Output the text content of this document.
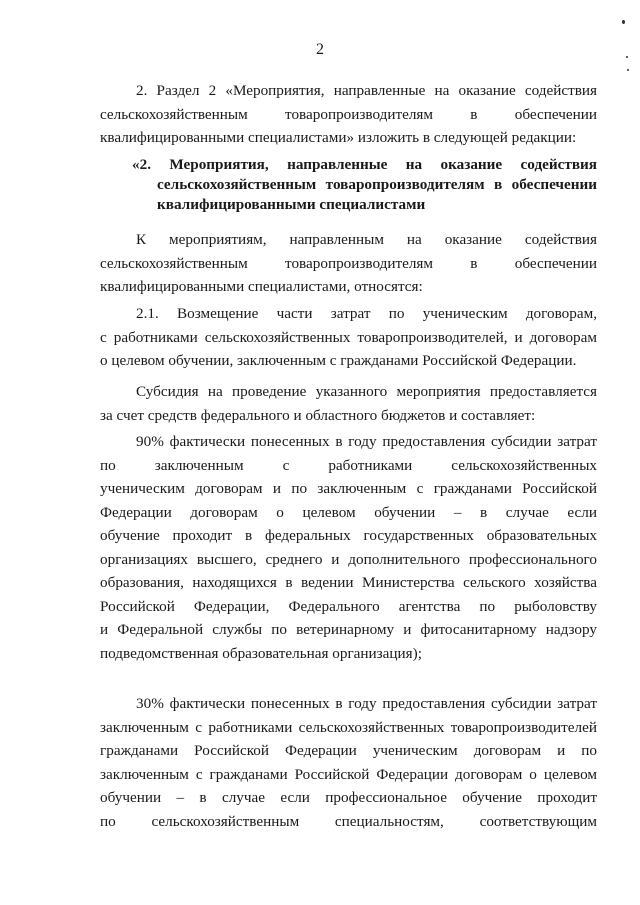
2
2. Раздел 2 «Мероприятия, направленные на оказание содействия
сельскохозяйственным товаропроизводителям в обеспечении
квалифицированными специалистами» изложить в следующей редакции:
«2. Мероприятия, направленные на оказание содействия
сельскохозяйственным товаропроизводителям в обеспечении
квалифицированными специалистами
К мероприятиям, направленным на оказание содействия
сельскохозяйственным товаропроизводителям в обеспечении
квалифицированными специалистами, относятся:
2.1. Возмещение части затрат по ученическим договорам,
с работниками сельскохозяйственных товаропроизводителей, и договорам
о целевом обучении, заключенным с гражданами Российской Федерации.
Субсидия на проведение указанного мероприятия предоставляется
за счет средств федерального и областного бюджетов и составляет:
90% фактически понесенных в году предоставления субсидии затрат
по заключенным с работниками сельскохозяйственных
ученическим договорам и по заключенным с гражданами Российской
Федерации договорам о целевом обучении – в случае если
обучение проходит в федеральных государственных образовательных
организациях высшего, среднего и дополнительного профессионального
образования, находящихся в ведении Министерства сельского хозяйства
Российской Федерации, Федерального агентства по рыболовству
и Федеральной службы по ветеринарному и фитосанитарному надзору
подведомственная образовательная организация);
30% фактически понесенных в году предоставления субсидии затрат
заключенным с работниками сельскохозяйственных товаропроизводителей
гражданами Российской Федерации ученическим договорам и по
заключенным с гражданами Российской Федерации договорам о целевом
обучении – в случае если профессиональное обучение проходит
по сельскохозяйственным специальностям, соответствующим
